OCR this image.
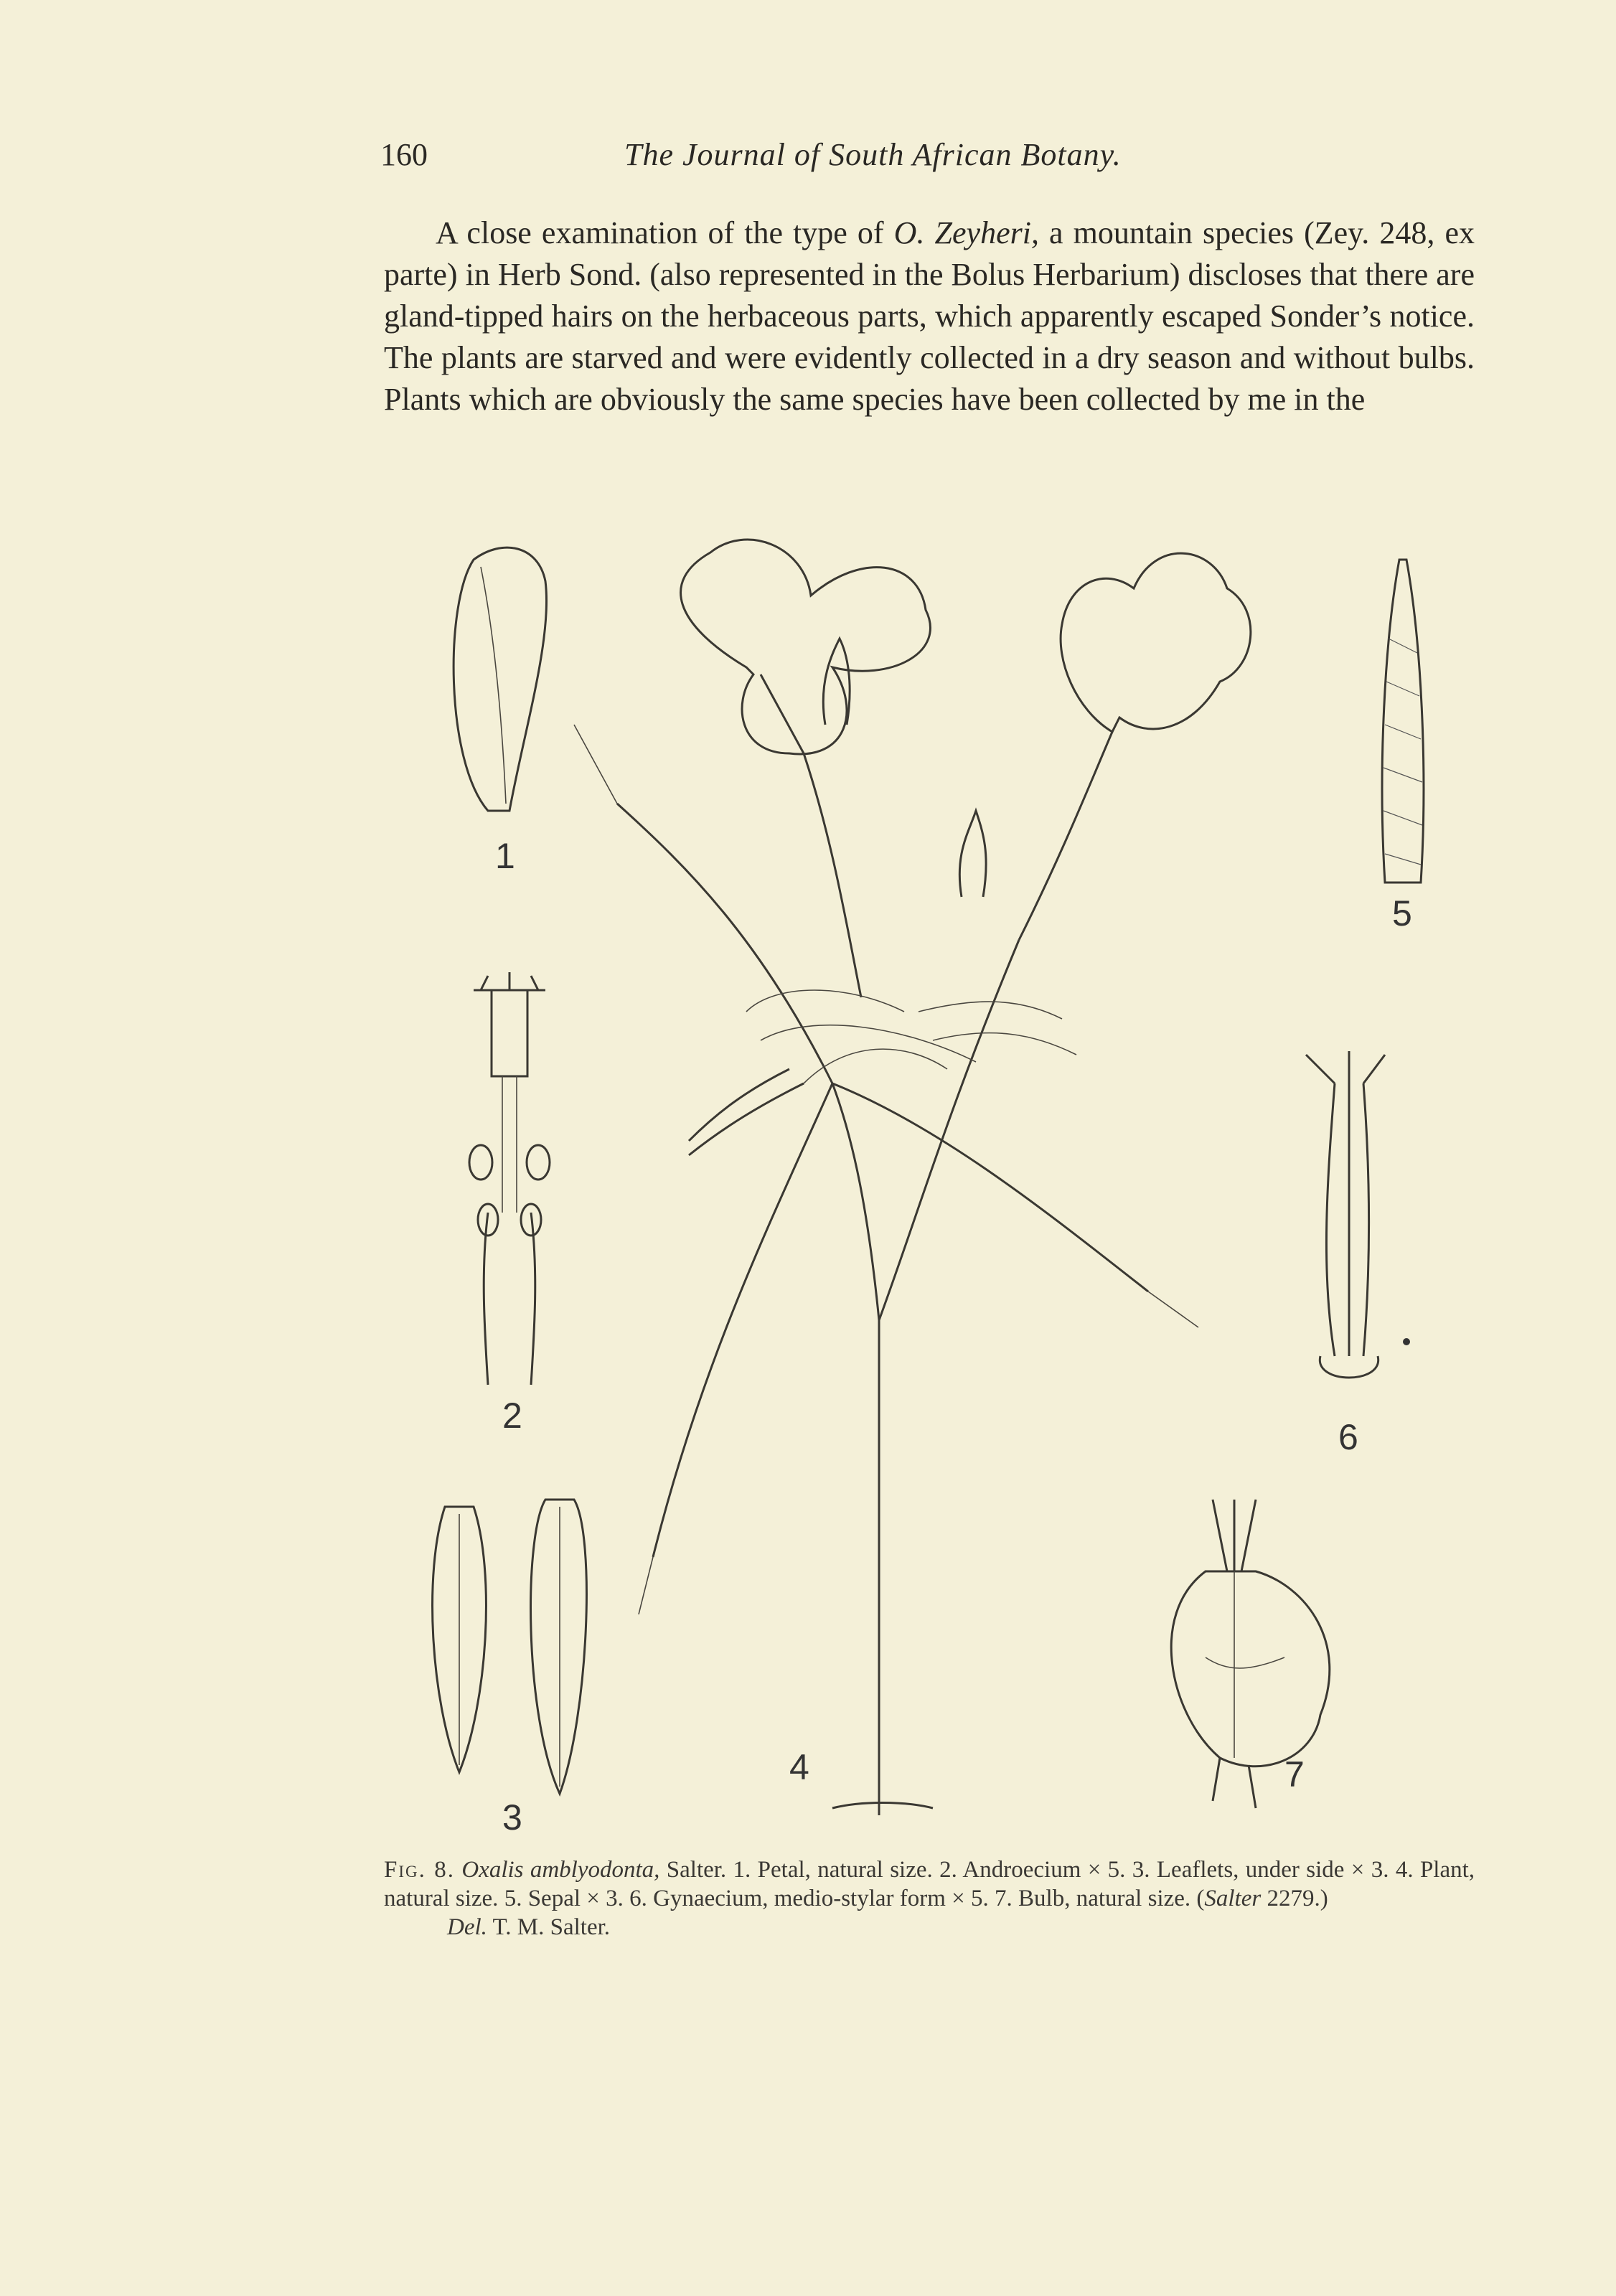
160	The Journal of South African Botany.

A close examination of the type of O. Zeyheri, a mountain species (Zey. 248, ex parte) in Herb Sond. (also represented in the Bolus Herbarium) discloses that there are gland-tipped hairs on the herbaceous parts, which apparently escaped Sonder’s notice. The plants are starved and were evidently collected in a dry season and without bulbs. Plants which are obviously the same species have been collected by me in the

1
2
3
4
5
6
7

Fig. 8. Oxalis amblyodonta, Salter. 1. Petal, natural size. 2. Androecium × 5. 3. Leaflets, under side × 3. 4. Plant, natural size. 5. Sepal × 3. 6. Gynaecium, medio-stylar form × 5. 7. Bulb, natural size. (Salter 2279.)

Del. T. M. Salter.
